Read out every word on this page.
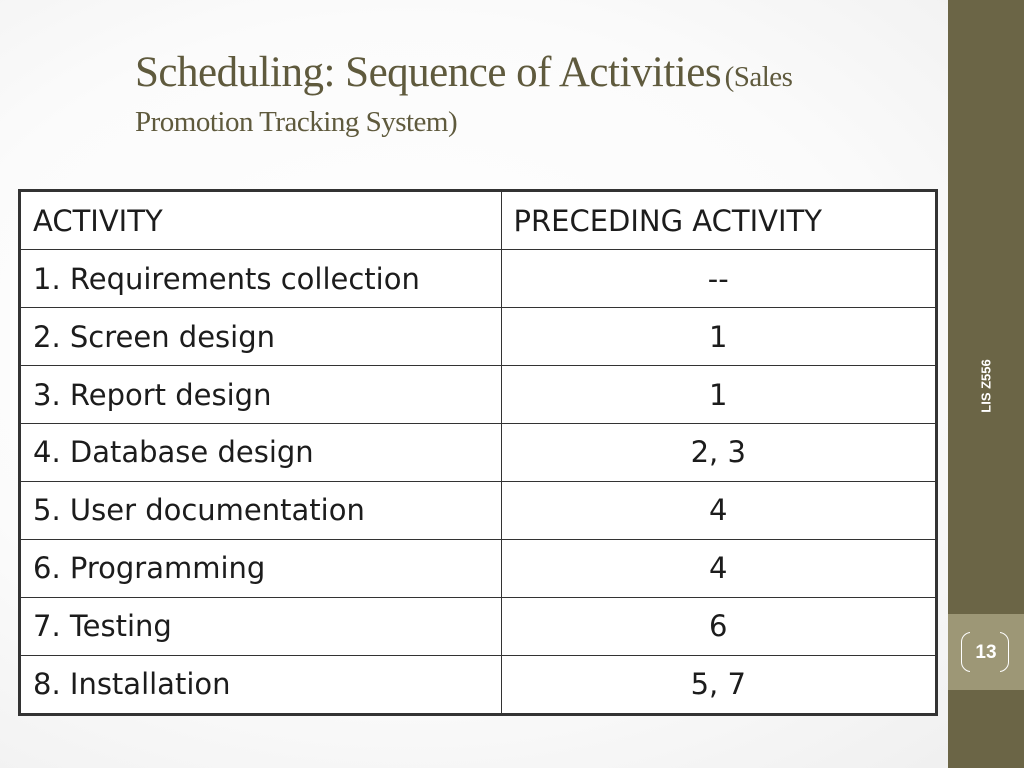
Scheduling: Sequence of Activities (Sales
Promotion Tracking System)
ACTIVITY	PRECEDING ACTIVITY
1. Requirements collection	--
2. Screen design	1
3. Report design	1
4. Database design	2, 3
5. User documentation	4
6. Programming	4
7. Testing	6
8. Installation	5, 7
LIS Z556
13
